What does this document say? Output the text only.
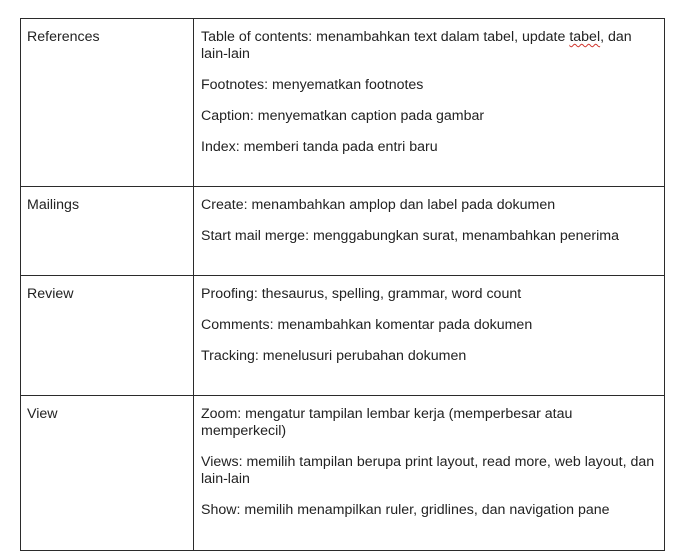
References	Table of contents: menambahkan text dalam tabel, update tabel, dan lain-lain
Footnotes: menyematkan footnotes
Caption: menyematkan caption pada gambar
Index: memberi tanda pada entri baru

Mailings	Create: menambahkan amplop dan label pada dokumen
Start mail merge: menggabungkan surat, menambahkan penerima

Review	Proofing: thesaurus, spelling, grammar, word count
Comments: menambahkan komentar pada dokumen
Tracking: menelusuri perubahan dokumen

View	Zoom: mengatur tampilan lembar kerja (memperbesar atau memperkecil)
Views: memilih tampilan berupa print layout, read more, web layout, dan lain-lain
Show: memilih menampilkan ruler, gridlines, dan navigation pane
